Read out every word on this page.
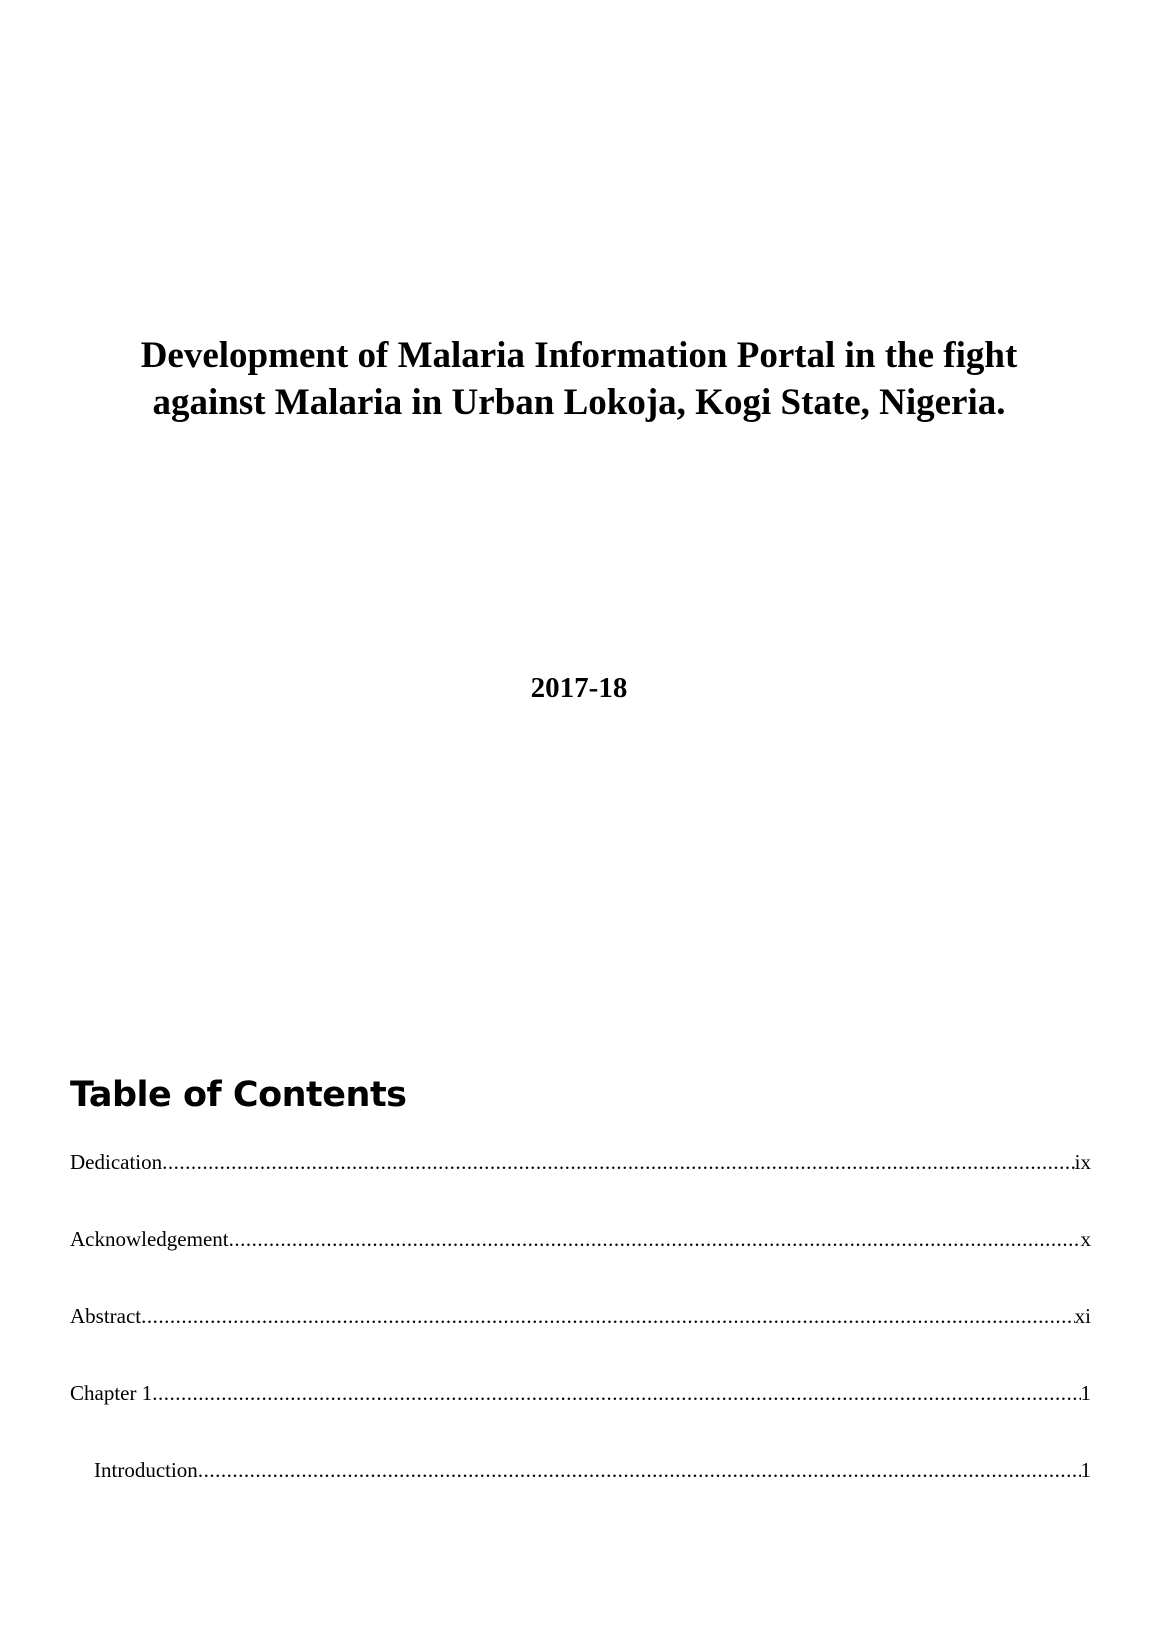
Development of Malaria Information Portal in the fight against Malaria in Urban Lokoja, Kogi State, Nigeria.
2017-18
Table of Contents
Dedication .....	ix
Acknowledgement .....	x
Abstract .....	xi
Chapter 1 .....	1
Introduction .....	1
